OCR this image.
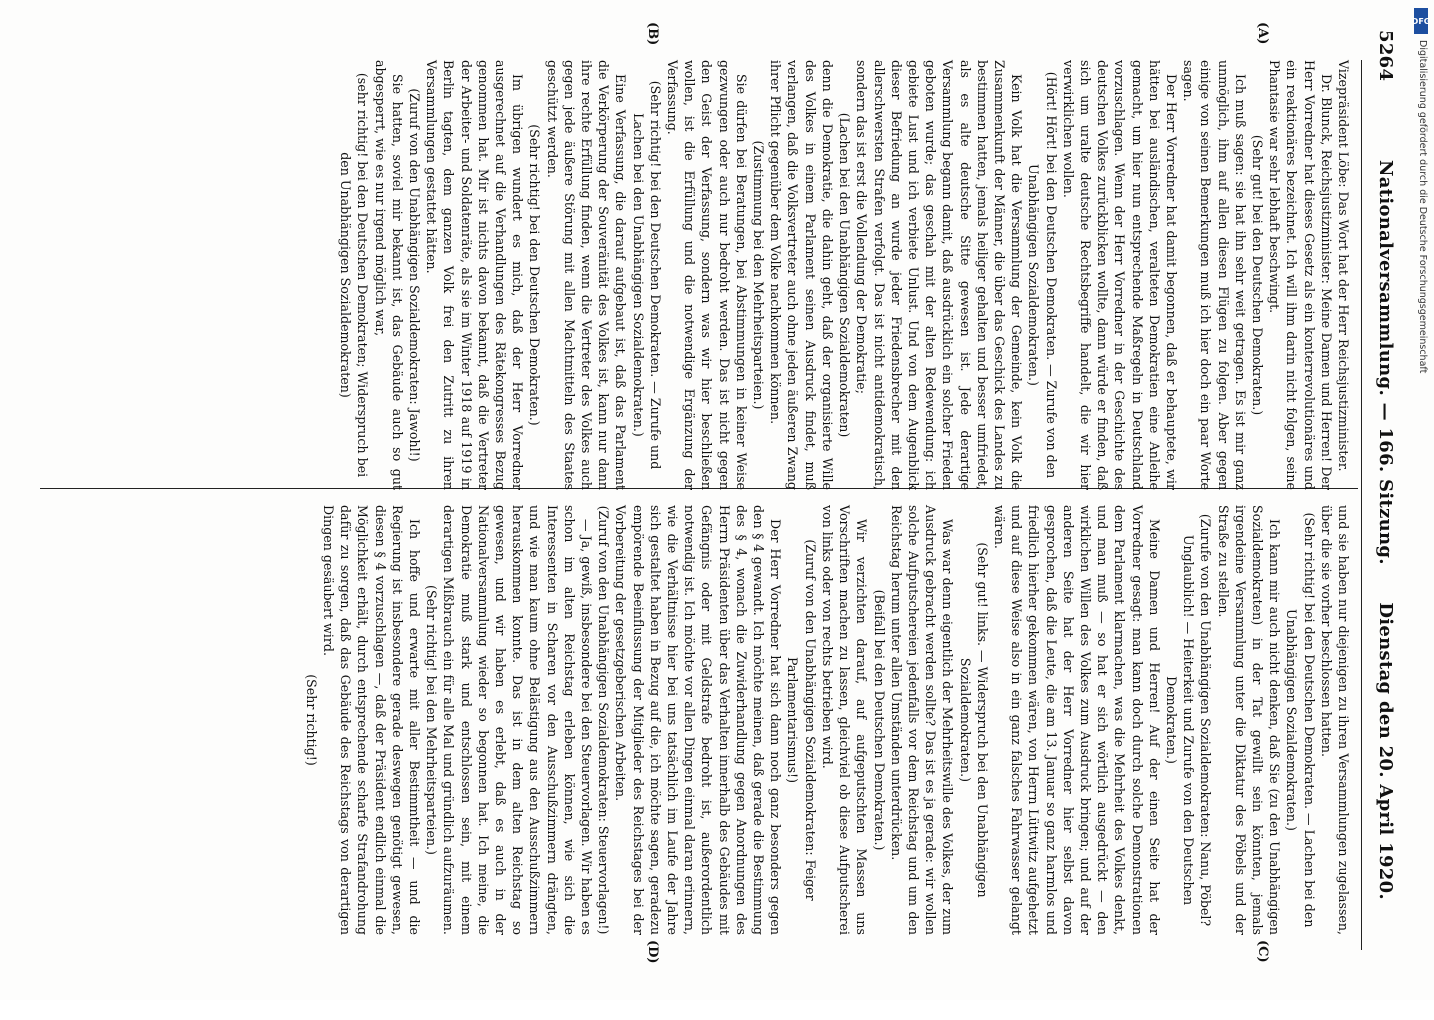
5264
Nationalversammlung. — 166. Sitzung.
Dienstag den 20. April 1920.
(A)
(B)
(C)
(D)

Vizepräsident Löbe: Das Wort hat der Herr Reichsjustizminister.

Dr. Blunck, Reichsjustizminister: Meine Damen und Herren! Der Herr Vorredner hat dieses Gesetz als ein konterrevolutionäres und ein reaktionäres bezeichnet. Ich will ihm darin nicht folgen, seine Phantasie war sehr lebhaft beschwingt.

(Sehr gut! bei den Deutschen Demokraten.)

Ich muß sagen: sie hat ihn sehr weit getragen. Es ist mir ganz unmöglich, ihm auf allen diesen Flügen zu folgen. Aber gegen einige von seinen Bemerkungen muß ich hier doch ein paar Worte sagen.

Der Herr Vorredner hat damit begonnen, daß er behauptete, wir hätten bei ausländischen, veralteten Demokratien eine Anleihe gemacht, um hier nun entsprechende Maßregeln in Deutschland vorzuschlagen. Wenn der Herr Vorredner in der Geschichte des deutschen Volkes zurückblicken wollte, dann würde er finden, daß sich um uralte deutsche Rechtsbegriffe handelt, die wir hier verwirklichen wollen.

(Hört! Hört! bei den Deutschen Demokraten. — Zurufe von den Unabhängigen Sozialdemokraten.)

Kein Volk hat die Versammlung der Gemeinde, kein Volk die Zusammenkunft der Männer, die über das Geschick des Landes zu bestimmen hatten, jemals heiliger gehalten und besser umfriedet, als es alte deutsche Sitte gewesen ist. Jede derartige Versammlung begann damit, daß ausdrücklich ein solcher Frieden geboten wurde; das geschah mit der alten Redewendung: ich gebiete Lust und ich verbiete Unlust. Und von dem Augenblick dieser Befriedung an wurde jeder Friedensbrecher mit den allerschwersten Strafen verfolgt. Das ist nicht antidemokratisch, sondern das ist erst die Vollendung der Demokratie;

(Lachen bei den Unabhängigen Sozialdemokraten)

denn die Demokratie, die dahin geht, daß der organisierte Wille des Volkes in einem Parlament seinen Ausdruck findet, muß verlangen, daß die Volksvertreter auch ohne jeden äußeren Zwang ihrer Pflicht gegenüber dem Volke nachkommen können.

(Zustimmung bei den Mehrheitsparteien.)

Sie dürfen bei Beratungen, bei Abstimmungen in keiner Weise gezwungen oder auch nur bedroht werden. Das ist nicht gegen den Geist der Verfassung, sondern was wir hier beschließen wollen, ist die Erfüllung und die notwendige Ergänzung der Verfassung.

(Sehr richtig! bei den Deutschen Demokraten. — Zurufe und Lachen bei den Unabhängigen Sozialdemokraten.)

Eine Verfassung, die darauf aufgebaut ist, daß das Parlament die Verkörperung der Souveränität des Volkes ist, kann nur dann ihre rechte Erfüllung finden, wenn die Vertreter des Volkes auch gegen jede äußere Störung mit allen Machtmitteln des Staates geschützt werden.

(Sehr richtig! bei den Deutschen Demokraten.)

Im übrigen wundert es mich, daß der Herr Vorredner ausgerechnet auf die Verhandlungen des Rätekongresses Bezug genommen hat. Mir ist nichts davon bekannt, daß die Vertreter der Arbeiter- und Soldatenräte, als sie im Winter 1918 auf 1919 in Berlin tagten, dem ganzen Volk frei den Zutritt zu ihren Versammlungen gestattet hätten.

(Zuruf von den Unabhängigen Sozialdemokraten: Jawohl!)

Sie hatten, soviel mir bekannt ist, das Gebäude auch so gut abgesperrt, wie es nur irgend möglich war,

(sehr richtig! bei den Deutschen Demokraten; Widerspruch bei den Unabhängigen Sozialdemokraten)

und sie haben nur diejenigen zu ihren Versammlungen zugelassen, über die sie vorher beschlossen hatten.

(Sehr richtig! bei den Deutschen Demokraten. — Lachen bei den Unabhängigen Sozialdemokraten.)

Ich kann mir auch nicht denken, daß Sie (zu den Unabhängigen Sozialdemokraten) in der Tat gewillt sein könnten, jemals irgendeine Versammlung unter die Diktatur des Pöbels und der Straße zu stellen.

(Zurufe von den Unabhängigen Sozialdemokraten: Nanu, Pöbel? Unglaublich! — Heiterkeit und Zurufe von den Deutschen Demokraten.)

Meine Damen und Herren! Auf der einen Seite hat der Vorredner gesagt: man kann doch durch solche Demonstrationen dem Parlament klarmachen, was die Mehrheit des Volkes denkt, und man muß — so hat er sich wörtlich ausgedrückt — den wirklichen Willen des Volkes zum Ausdruck bringen; und auf der anderen Seite hat der Herr Vorredner hier selbst davon gesprochen, daß die Leute, die am 13. Januar so ganz harmlos und friedlich hierher gekommen wären, von Herrn Lüttwitz aufgehetzt und auf diese Weise also in ein ganz falsches Fahrwasser gelangt wären.

(Sehr gut! links. — Widerspruch bei den Unabhängigen Sozialdemokraten.)

Was war denn eigentlich der Mehrheitswille des Volkes, der zum Ausdruck gebracht werden sollte? Das ist es ja gerade: wir wollen solche Aufputschereien jedenfalls vor dem Reichstag und um den Reichstag herum unter allen Umständen unterdrücken.

(Beifall bei den Deutschen Demokraten.)

Wir verzichten darauf, auf aufgeputschten Massen uns Vorschriften machen zu lassen, gleichviel ob diese Aufputscherei von links oder von rechts betrieben wird.

(Zuruf von den Unabhängigen Sozialdemokraten: Feiger Parlamentarismus!)

Der Herr Vorredner hat sich dann noch ganz besonders gegen den § 4 gewandt. Ich möchte meinen, daß gerade die Bestimmung des § 4, wonach die Zuwiderhandlung gegen Anordnungen des Herrn Präsidenten über das Verhalten innerhalb des Gebäudes mit Gefängnis oder mit Geldstrafe bedroht ist, außerordentlich notwendig ist. Ich möchte vor allen Dingen einmal daran erinnern, wie die Verhältnisse hier bei uns tatsächlich im Laufe der Jahre sich gestaltet haben in Bezug auf die, ich möchte sagen, geradezu empörende Beeinflussung der Mitglieder des Reichstages bei der Vorbereitung der gesetzgeberischen Arbeiten.

(Zuruf von den Unabhängigen Sozialdemokraten: Steuervorlagen!)

— Ja, gewiß, insbesondere bei den Steuervorlagen. Wir haben es schon im alten Reichstag erleben können, wie sich die Interessenten in Scharen vor den Ausschußzimmern drängten, und wie man kaum ohne Belästigung aus den Ausschußzimmern herauskommen konnte. Das ist in dem alten Reichstag so gewesen, und wir haben es erlebt, daß es auch in der Nationalversammlung wieder so begonnen hat. Ich meine, die Demokratie muß stark und entschlossen sein, mit einem derartigen Mißbrauch ein für alle Mal und gründlich aufzuräumen.

(Sehr richtig! bei den Mehrheitsparteien.)

Ich hoffe und erwarte mit aller Bestimmtheit — und die Regierung ist insbesondere gerade deswegen genötigt gewesen, diesen § 4 vorzuschlagen —, daß der Präsident endlich einmal die Möglichkeit erhält, durch entsprechende scharfe Strafandrohung dafür zu sorgen, daß das Gebäude des Reichstags von derartigen Dingen gesäubert wird.

(Sehr richtig!)

DFG
Digitalisierung gefördert durch die Deutsche Forschungsgemeinschaft
